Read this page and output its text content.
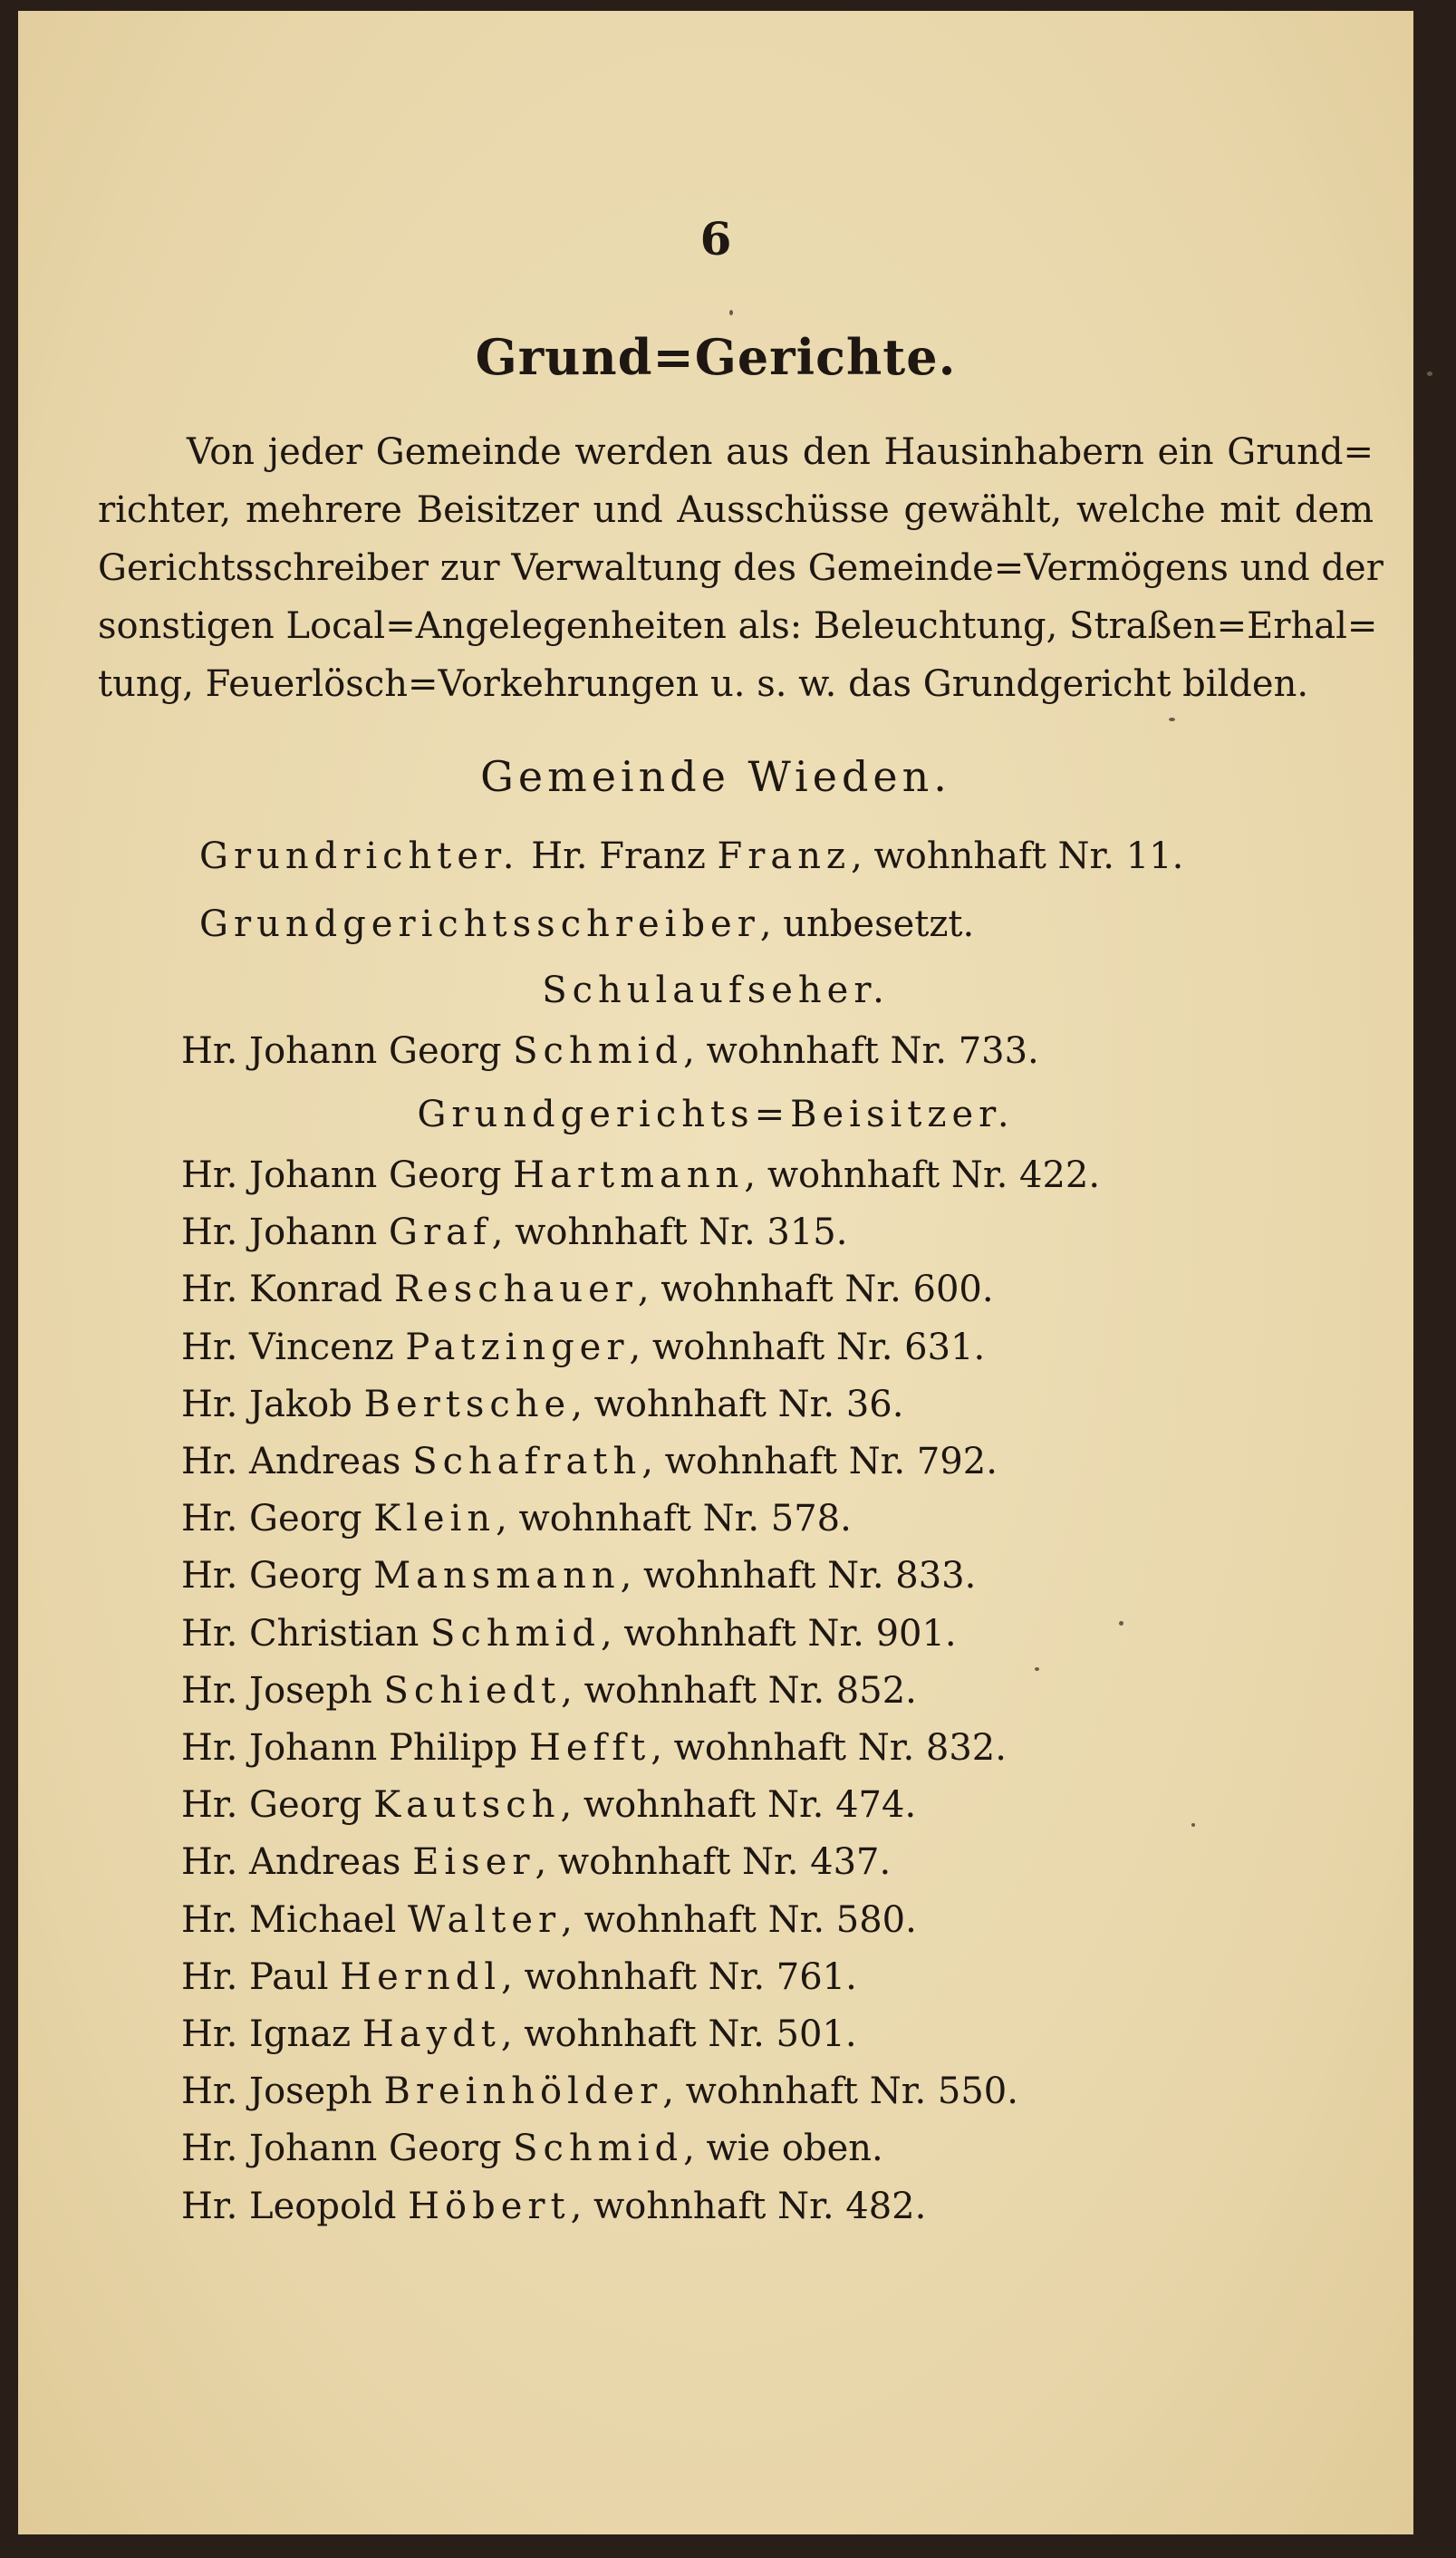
6
Grund=Gerichte.
Von jeder Gemeinde werden aus den Hausinhabern ein Grund=
richter, mehrere Beisitzer und Ausschüsse gewählt, welche mit dem
Gerichtsschreiber zur Verwaltung des Gemeinde=Vermögens und der
sonstigen Local=Angelegenheiten als: Beleuchtung, Straßen=Erhal=
tung, Feuerlösch=Vorkehrungen u. s. w. das Grundgericht bilden.
Gemeinde Wieden.
Grundrichter. Hr. Franz Franz, wohnhaft Nr. 11.
Grundgerichtsschreiber, unbesetzt.
Schulaufseher.
Hr. Johann Georg Schmid, wohnhaft Nr. 733.
Grundgerichts=Beisitzer.
Hr. Johann Georg Hartmann, wohnhaft Nr. 422.
Hr. Johann Graf, wohnhaft Nr. 315.
Hr. Konrad Reschauer, wohnhaft Nr. 600.
Hr. Vincenz Patzinger, wohnhaft Nr. 631.
Hr. Jakob Bertsche, wohnhaft Nr. 36.
Hr. Andreas Schafrath, wohnhaft Nr. 792.
Hr. Georg Klein, wohnhaft Nr. 578.
Hr. Georg Mansmann, wohnhaft Nr. 833.
Hr. Christian Schmid, wohnhaft Nr. 901.
Hr. Joseph Schiedt, wohnhaft Nr. 852.
Hr. Johann Philipp Hefft, wohnhaft Nr. 832.
Hr. Georg Kautsch, wohnhaft Nr. 474.
Hr. Andreas Eiser, wohnhaft Nr. 437.
Hr. Michael Walter, wohnhaft Nr. 580.
Hr. Paul Herndl, wohnhaft Nr. 761.
Hr. Ignaz Haydt, wohnhaft Nr. 501.
Hr. Joseph Breinhölder, wohnhaft Nr. 550.
Hr. Johann Georg Schmid, wie oben.
Hr. Leopold Höbert, wohnhaft Nr. 482.
